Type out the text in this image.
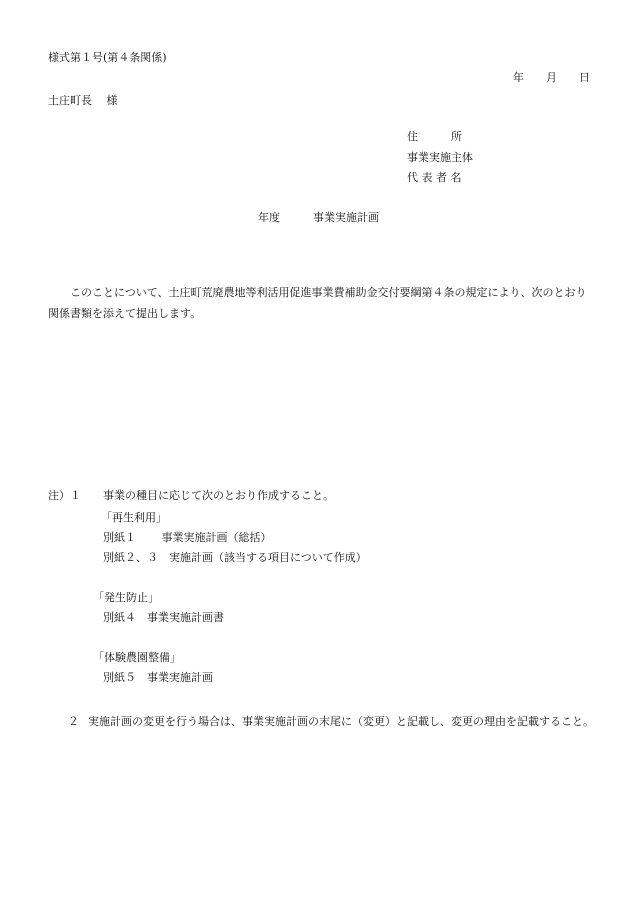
様式第１号(第４条関係)
年　　月　　日
土庄町長　 様
住　　　所
事業実施主体
代 表 者 名
年度　　　事業実施計画

このことについて、土庄町荒廃農地等利活用促進事業費補助金交付要綱第４条の規定により、次のとおり関係書類を添えて提出します。

注）１　　事業の種目に応じて次のとおり作成すること。
「再生利用」
別紙１　　 事業実施計画（総括）
別紙２、３　実施計画（該当する項目について作成）
「発生防止」
別紙４　事業実施計画書
「体験農園整備」
別紙５　事業実施計画
２ 実施計画の変更を行う場合は、事業実施計画の末尾に（変更）と記載し、変更の理由を記載すること。
